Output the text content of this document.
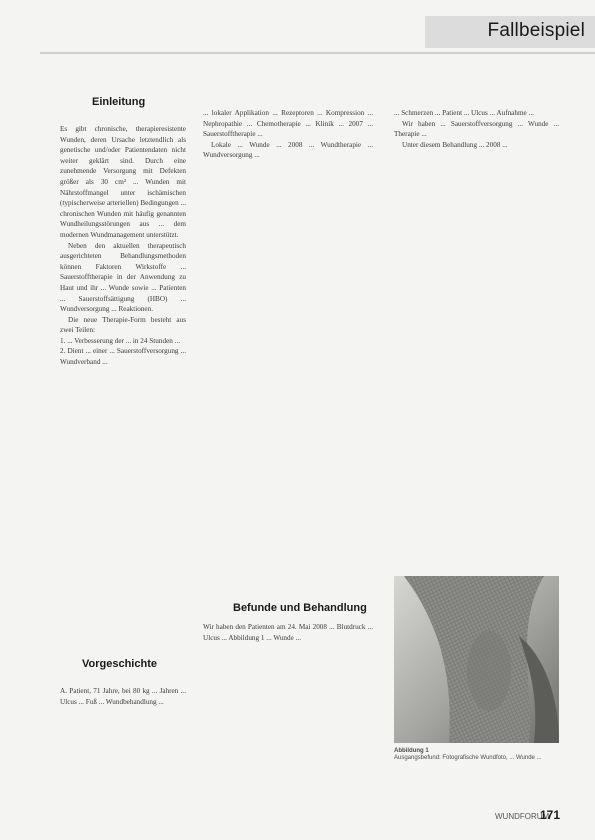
Fallbeispiel
Einleitung

Es gibt chronische, therapieresistente Wunden, deren Ursache letztendlich als genetische und/oder Patientendaten nicht weiter geklärt sind. Durch eine zunehmende Versorgung mit Defekten größer als 30 cm² ... Wunden mit Nährstoffmangel unter ischämischen (typischerweise arteriellen) Bedingungen ... chronischen Wunden mit häufig genannten Wundheilungsstörungen aus ... dem modernen Wundmanagement unterstützt.

Neben den aktuellen therapeutisch ausgerichteten Behandlungsmethoden können Faktoren Wirkstoffe ... Sauerstofftherapie in der Anwendung zu Haut und ihr ... Wunde sowie ... Patienten ... Sauerstoffsättigung (HBO) ... Wundversorgung ... Reaktionen.

Die neue Therapie-Form besteht aus zwei Teilen:

1. ... Verbesserung der ... in 24 Stunden ...
2. Dient ... einer ... Sauerstoffversorgung ... Wundverband ...
Vorgeschichte

A. Patient, 71 Jahre, bei 80 kg ... Jahren ... Ulcus ... Fuß ... Wundbehandlung ...

... lokaler Applikation ... Rezeptoren ... Kompression ... Nephropathie ... Chemotherapie ... Klinik ... 2007 ... Sauerstofftherapie ...

Lokale ... Wunde ... 2008 ... Wundtherapie ... Wundversorgung ...

Befunde und Behandlung

Wir haben den Patienten am 24. Mai 2008 ... Blutdruck ... Ulcus ... Abbildung 1 ... Wunde ...

... Schmerzen ... Patient ... Ulcus ... Aufnahme ...

Wir haben ... Sauerstoffversorgung ... Wunde ... Therapie ...

Unter diesem Behandlung ... 2008 ...

Abbildung 1
Ausgangsbefund: Fotografische Wundfoto, ... Wunde ...
WUNDFORUM
171
